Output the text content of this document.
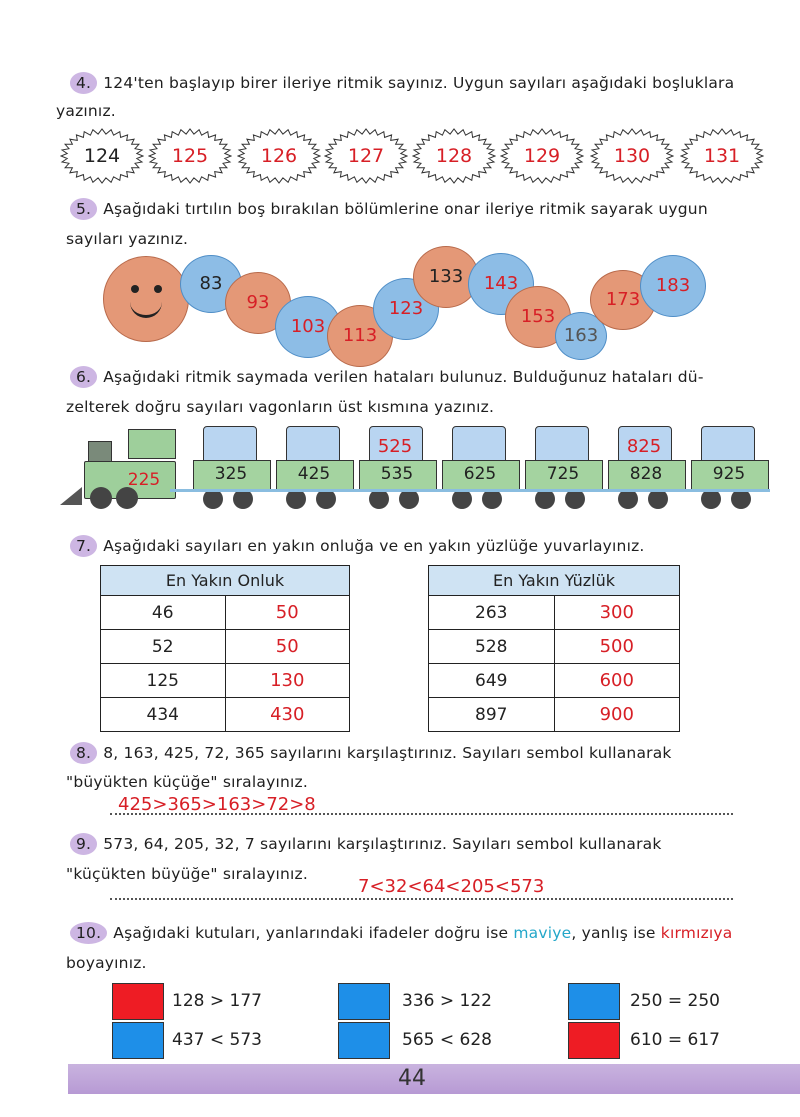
4. 124'ten başlayıp birer ileriye ritmik sayınız. Uygun sayıları aşağıdaki boşluklara
yazınız.
124	125	126	127	128	129	130	131
5. Aşağıdaki tırtılın boş bırakılan bölümlerine onar ileriye ritmik sayarak uygun
sayıları yazınız.
83
93
103 113
123
133	143
153
163
173
183
6. Aşağıdaki ritmik saymada verilen hataları bulunuz. Bulduğunuz hataları dü-
zelterek doğru sayıları vagonların üst kısmına yazınız.
225	325	425	535
525
625	725	828
825
925
7. Aşağıdaki sayıları en yakın onluğa ve en yakın yüzlüğe yuvarlayınız.
En Yakın Onluk	
46	50
52	50
125	130
434	430
En Yakın Yüzlük	
263	300
528	500
649	600
897	900
8. 8, 163, 425, 72, 365 sayılarını karşılaştırınız. Sayıları sembol kullanarak
"büyükten küçüğe" sıralayınız.
425>365>163>72>8
9. 573, 64, 205, 32, 7 sayılarını karşılaştırınız. Sayıları sembol kullanarak
"küçükten büyüğe" sıralayınız.
7<32<64<205<573
10. Aşağıdaki kutuları, yanlarındaki ifadeler doğru ise maviye, yanlış ise kırmızıya
boyayınız.
128 > 177	336 > 122	250 = 250
437 < 573	565 < 628	610 = 617
44
